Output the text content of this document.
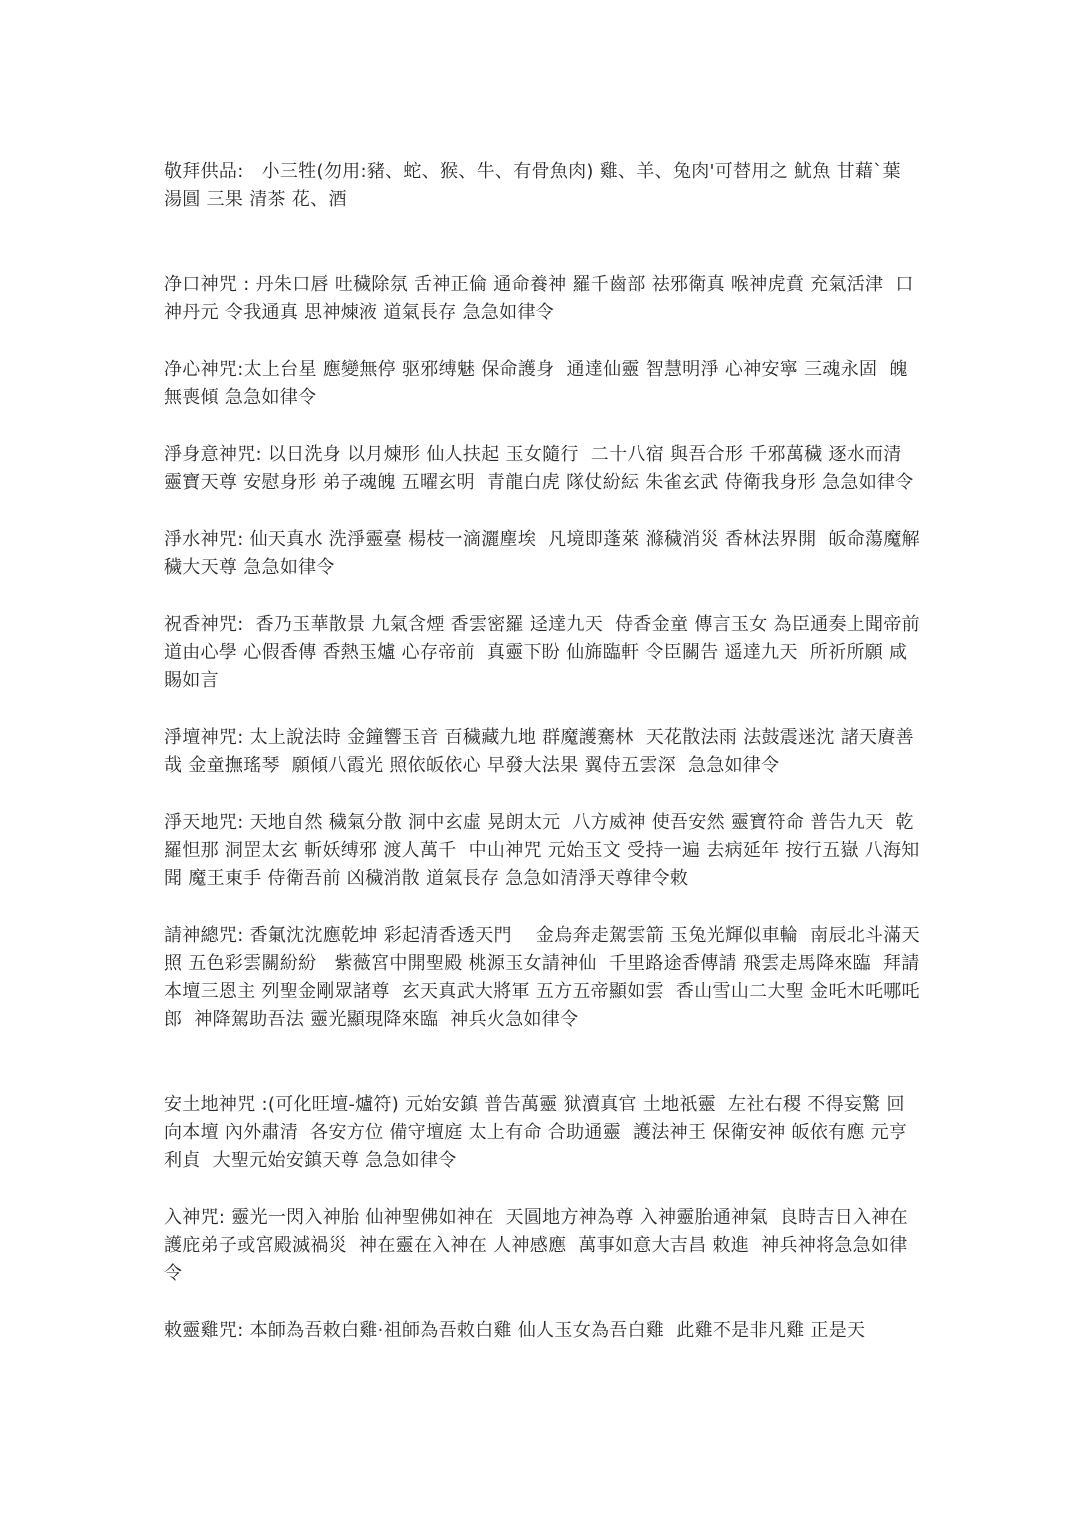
敬拜供品:   小三牲(勿用:豬、蛇、猴、牛、有骨魚肉) 雞、羊、兔肉'可替用之 魷魚 甘藉`葉 湯圓 三果 清茶 花、酒

净口神咒 : 丹朱口唇 吐穢除氛 舌神正倫 通命養神 羅千齒部 祛邪衛真 喉神虎賁 充氣活津  口神丹元 令我通真 思神煉液 道氣長存 急急如律令

净心神咒:太上台星 應變無停 驱邪缚魅 保命護身  通達仙靈 智慧明淨 心神安寧 三魂永固  魄無喪傾 急急如律令

淨身意神咒: 以日洗身 以月煉形 仙人扶起 玉女隨行  二十八宿 與吾合形 千邪萬穢 逐水而清  靈寶天尊 安慰身形 弟子魂魄 五曜玄明  青龍白虎 隊仗紛紜 朱雀玄武 侍衛我身形 急急如律令

淨水神咒: 仙天真水 洗淨靈臺 楊枝一滴灑塵埃  凡境即蓬萊 滌穢消災 香林法界開  皈命蕩魔解穢大天尊 急急如律令

祝香神咒:  香乃玉華散景 九氣含煙 香雲密羅 迳達九天  侍香金童 傳言玉女 為臣通奏上聞帝前  道由心學 心假香傳 香熱玉爐 心存帝前  真靈下盼 仙旆臨軒 令臣關告 遥達九天  所祈所願 咸賜如言

淨壇神咒: 太上說法時 金鐘響玉音 百穢藏九地 群魔護騫林  天花散法雨 法鼓震迷沈 諸天賡善哉 金童撫瑤琴  願傾八霞光 照依皈依心 早發大法果 翼侍五雲深  急急如律令

淨天地咒: 天地自然 穢氣分散 洞中玄虛 晃朗太元  八方威神 使吾安然 靈寶符命 普告九天  乾羅怛那 洞罡太玄 斬妖缚邪 渡人萬千  中山神咒 元始玉文 受持一遍 去病延年 按行五嶽 八海知聞 魔王東手 侍衛吾前 凶穢消散 道氣長存 急急如清淨天尊律令敕

請神總咒: 香氭沈沈應乾坤 彩起清香透天門    金烏奔走駕雲箭 玉兔光輝似車輪  南辰北斗滿天照 五色彩雲關紛紛   紫薇宮中開聖殿 桃源玉女請神仙  千里路途香傳請 飛雲走馬降來臨  拜請本壇三恩主 列聖金剛眾諸尊  玄天真武大將軍 五方五帝顯如雲  香山雪山二大聖 金吒木吒哪吒郎  神降駕助吾法 靈光顯現降來臨  神兵火急如律令

安土地神咒 :(可化旺壇-爐符) 元始安鎮 普告萬靈 狱瀆真官 土地祇靈  左社右稷 不得妄驚 回向本壇 內外肅清  各安方位 備守壇庭 太上有命 合助通靈  護法神王 保衛安神 皈依有應 元亨利貞  大聖元始安鎮天尊 急急如律令

入神咒: 靈光一閃入神胎 仙神聖佛如神在  天圓地方神為尊 入神靈胎通神氣  良時吉日入神在 護庇弟子或宮殿滅禍災  神在靈在入神在 人神感應  萬事如意大吉昌 敕進  神兵神将急急如律令

敕靈雞咒: 本師為吾敕白雞·祖師為吾敕白雞 仙人玉女為吾白雞  此雞不是非凡雞 正是天
